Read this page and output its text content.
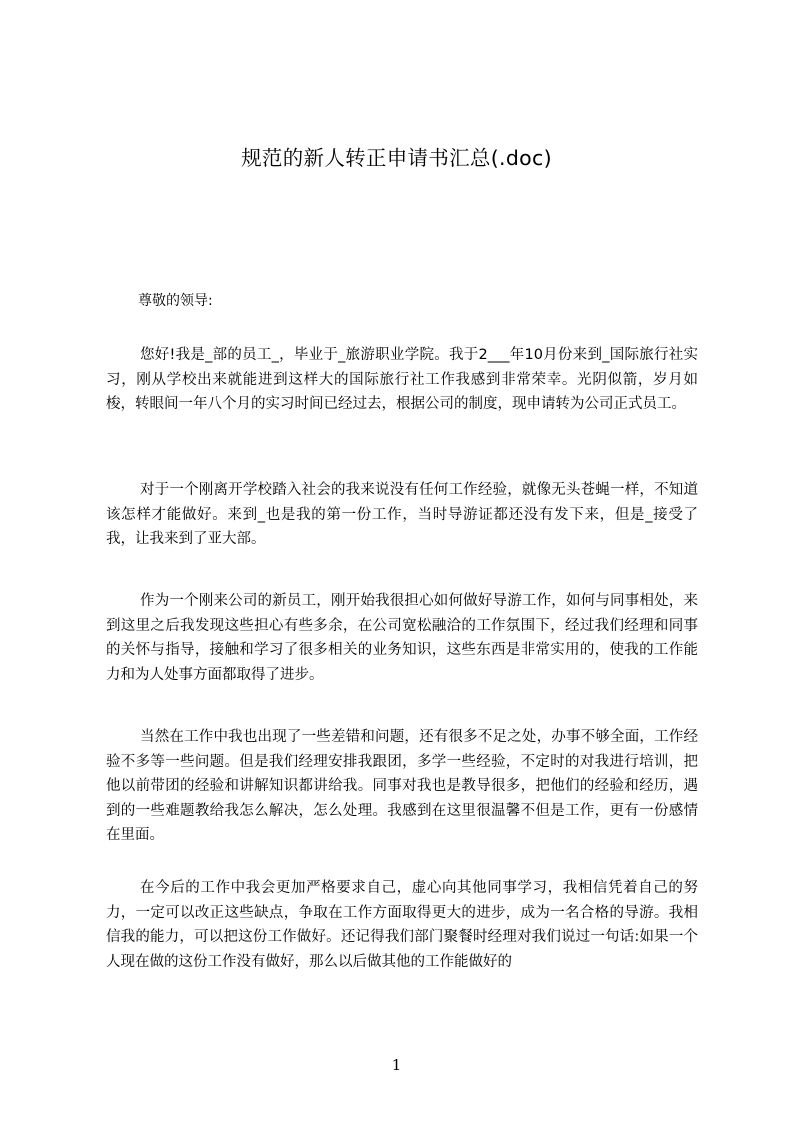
规范的新人转正申请书汇总(.doc)
尊敬的领导:

您好!我是_部的员工_，毕业于_旅游职业学院。我于2___年10月份来到_国际旅行社实习，刚从学校出来就能进到这样大的国际旅行社工作我感到非常荣幸。光阴似箭，岁月如梭，转眼间一年八个月的实习时间已经过去，根据公司的制度，现申请转为公司正式员工。

对于一个刚离开学校踏入社会的我来说没有任何工作经验，就像无头苍蝇一样，不知道该怎样才能做好。来到_也是我的第一份工作，当时导游证都还没有发下来，但是_接受了我，让我来到了亚大部。

作为一个刚来公司的新员工，刚开始我很担心如何做好导游工作，如何与同事相处，来到这里之后我发现这些担心有些多余，在公司宽松融洽的工作氛围下，经过我们经理和同事的关怀与指导，接触和学习了很多相关的业务知识，这些东西是非常实用的，使我的工作能力和为人处事方面都取得了进步。

当然在工作中我也出现了一些差错和问题，还有很多不足之处，办事不够全面，工作经验不多等一些问题。但是我们经理安排我跟团，多学一些经验，不定时的对我进行培训，把他以前带团的经验和讲解知识都讲给我。同事对我也是教导很多，把他们的经验和经历，遇到的一些难题教给我怎么解决，怎么处理。我感到在这里很温馨不但是工作，更有一份感情在里面。

在今后的工作中我会更加严格要求自己，虚心向其他同事学习，我相信凭着自己的努力，一定可以改正这些缺点，争取在工作方面取得更大的进步，成为一名合格的导游。我相信我的能力，可以把这份工作做好。还记得我们部门聚餐时经理对我们说过一句话:如果一个人现在做的这份工作没有做好，那么以后做其他的工作能做好的

1
